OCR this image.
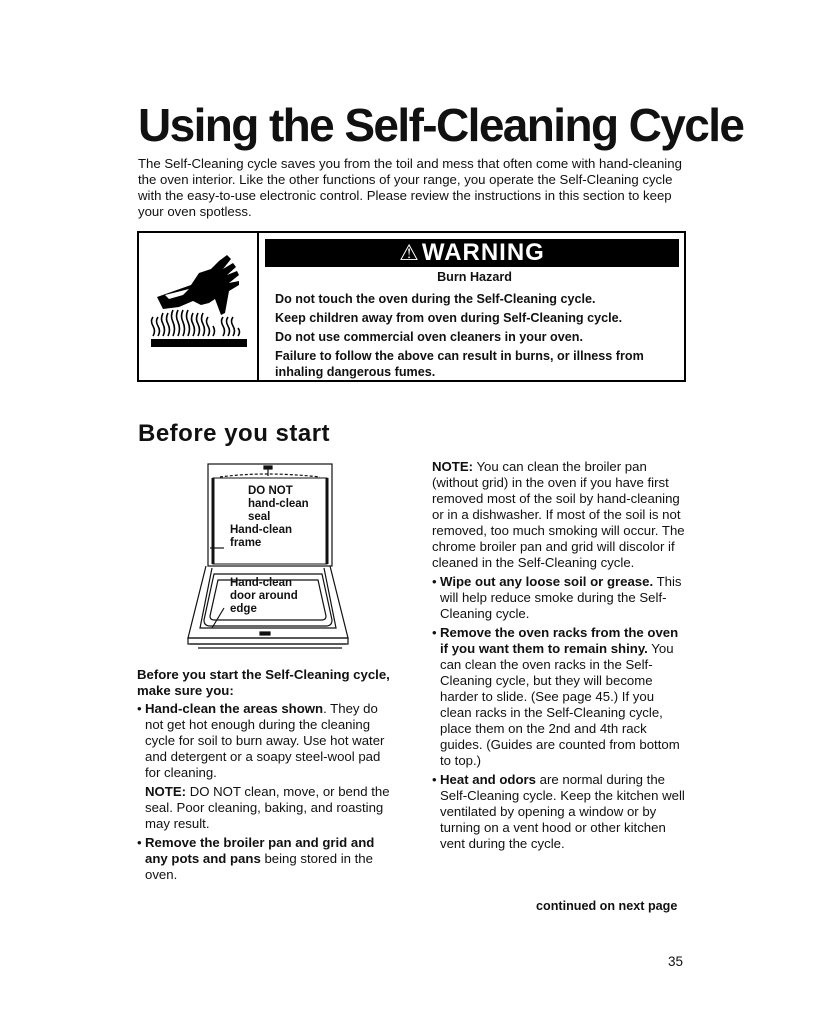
Using the Self-Cleaning Cycle

The Self-Cleaning cycle saves you from the toil and mess that often come with hand-cleaning the oven interior. Like the other functions of your range, you operate the Self-Cleaning cycle with the easy-to-use electronic control. Please review the instructions in this section to keep your oven spotless.

⚠WARNING

Burn Hazard

Do not touch the oven during the Self-Cleaning cycle.

Keep children away from oven during Self-Cleaning cycle.

Do not use commercial oven cleaners in your oven.

Failure to follow the above can result in burns, or illness from inhaling dangerous fumes.

Before you start
DO NOT
hand-clean
seal
Hand-clean
frame
Hand-clean
door around
edge

Before you start the Self-Cleaning cycle, make sure you:

• Hand-clean the areas shown. They do not get hot enough during the cleaning cycle for soil to burn away. Use hot water and detergent or a soapy steel-wool pad for cleaning.

NOTE: DO NOT clean, move, or bend the seal. Poor cleaning, baking, and roasting may result.

• Remove the broiler pan and grid and any pots and pans being stored in the oven.

NOTE: You can clean the broiler pan (without grid) in the oven if you have first removed most of the soil by hand-cleaning or in a dishwasher. If most of the soil is not removed, too much smoking will occur. The chrome broiler pan and grid will discolor if cleaned in the Self-Cleaning cycle.

• Wipe out any loose soil or grease. This will help reduce smoke during the Self-Cleaning cycle.
• Remove the oven racks from the oven if you want them to remain shiny. You can clean the oven racks in the Self-Cleaning cycle, but they will become harder to slide. (See page 45.) If you clean racks in the Self-Cleaning cycle, place them on the 2nd and 4th rack guides. (Guides are counted from bottom to top.)
• Heat and odors are normal during the Self-Cleaning cycle. Keep the kitchen well ventilated by opening a window or by turning on a vent hood or other kitchen vent during the cycle.
continued on next page
35
